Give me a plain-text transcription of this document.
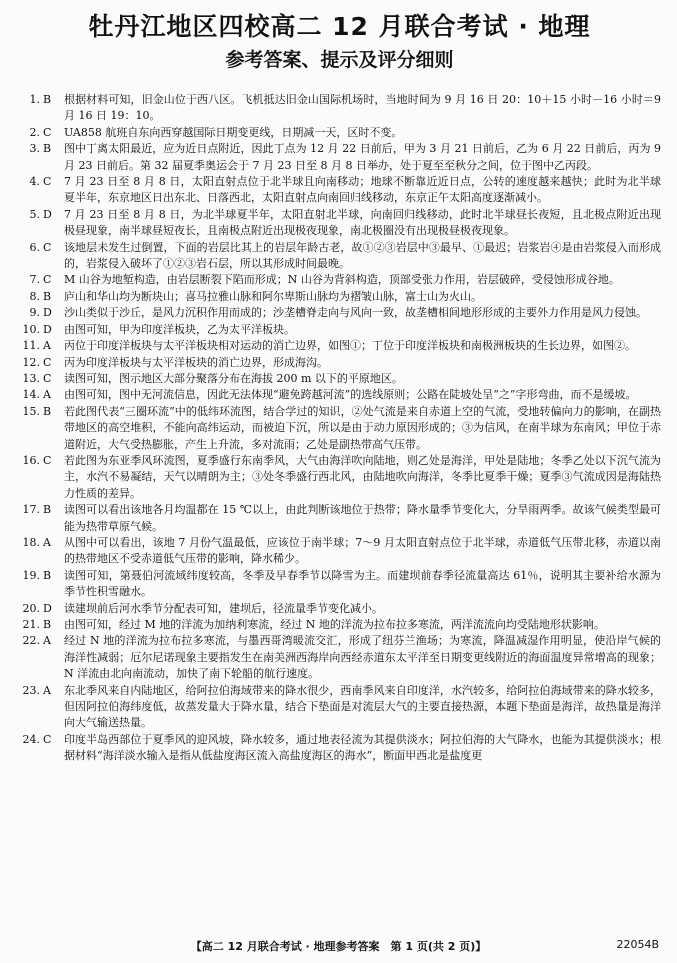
牡丹江地区四校高二 12 月联合考试 · 地理
参考答案、提示及评分细则
1. B 根据材料可知，旧金山位于西八区。飞机抵达旧金山国际机场时，当地时间为 9 月 16 日 20：10＋15 小时－16 小时＝9 月 16 日 19：10。
2. C UA858 航班自东向西穿越国际日期变更线，日期减一天，区时不变。
3. B 图中丁离太阳最近，应为近日点附近，因此丁点为 12 月 22 日前后，甲为 3 月 21 日前后，乙为 6 月 22 日前后，丙为 9 月 23 日前后。第 32 届夏季奥运会于 7 月 23 日至 8 月 8 日举办，处于夏至至秋分之间，位于图中乙丙段。
4. C 7 月 23 日至 8 月 8 日，太阳直射点位于北半球且向南移动；地球不断靠近近日点，公转的速度越来越快；此时为北半球夏半年，东京地区日出东北、日落西北，太阳直射点向南回归线移动，东京正午太阳高度逐渐减小。
5. D 7 月 23 日至 8 月 8 日，为北半球夏半年，太阳直射北半球，向南回归线移动，此时北半球昼长夜短，且北极点附近出现极昼现象，南半球昼短夜长，且南极点附近出现极夜现象，南北极圈没有出现极昼极夜现象。
6. C 该地层未发生过倒置，下面的岩层比其上的岩层年龄古老，故①②③岩层中③最早、①最迟；岩浆岩④是由岩浆侵入而形成的，岩浆侵入破坏了①②③岩石层，所以其形成时间最晚。
7. C M 山谷为地堑构造，由岩层断裂下陷而形成；N 山谷为背斜构造，顶部受张力作用，岩层破碎，受侵蚀形成谷地。
8. B 庐山和华山均为断块山；喜马拉雅山脉和阿尔卑斯山脉均为褶皱山脉，富士山为火山。
9. D 沙山类似于沙丘，是风力沉积作用而成的；沙垄槽脊走向与风向一致，故垄槽相间地形形成的主要外力作用是风力侵蚀。
10. D 由图可知，甲为印度洋板块，乙为太平洋板块。
11. A 丙位于印度洋板块与太平洋板块相对运动的消亡边界，如图①；丁位于印度洋板块和南极洲板块的生长边界，如图②。
12. C 丙为印度洋板块与太平洋板块的消亡边界，形成海沟。
13. C 读图可知，图示地区大部分聚落分布在海拔 200 m 以下的平原地区。
14. A 由图可知，图中无河流信息，因此无法体现“避免跨越河流”的选线原则；公路在陡坡处呈“之”字形弯曲，而不是缓坡。
15. B 若此图代表“三圈环流”中的低纬环流图，结合学过的知识，②处气流是来自赤道上空的气流，受地转偏向力的影响，在副热带地区的高空堆积，不能向高纬运动，而被迫下沉，所以是由于动力原因形成的；③为信风，在南半球为东南风；甲位于赤道附近，大气受热膨胀，产生上升流，多对流雨；乙处是副热带高气压带。
16. C 若此图为东亚季风环流图，夏季盛行东南季风，大气由海洋吹向陆地，则乙处是海洋，甲处是陆地；冬季乙处以下沉气流为主，水汽不易凝结，天气以晴朗为主；③处冬季盛行西北风，由陆地吹向海洋，冬季比夏季干燥；夏季③气流成因是海陆热力性质的差异。
17. B 读图可以看出该地各月均温都在 15 ℃以上，由此判断该地位于热带；降水量季节变化大，分旱雨两季。故该气候类型最可能为热带草原气候。
18. A 从图中可以看出，该地 7 月份气温最低，应该位于南半球；7～9 月太阳直射点位于北半球，赤道低气压带北移，赤道以南的热带地区不受赤道低气压带的影响，降水稀少。
19. B 读图可知，第聂伯河流域纬度较高，冬季及早春季节以降雪为主。而建坝前春季径流量高达 61％，说明其主要补给水源为季节性积雪融水。
20. D 读建坝前后河水季节分配表可知，建坝后，径流量季节变化减小。
21. B 由图可知，经过 M 地的洋流为加纳利寒流，经过 N 地的洋流为拉布拉多寒流，两洋流流向均受陆地形状影响。
22. A 经过 N 地的洋流为拉布拉多寒流，与墨西哥湾暖流交汇，形成了纽芬兰渔场；为寒流，降温减湿作用明显，使沿岸气候的海洋性减弱；厄尔尼诺现象主要指发生在南美洲西海岸向西经赤道东太平洋至日期变更线附近的海面温度异常增高的现象；N 洋流由北向南流动，加快了南下轮船的航行速度。
23. A 东北季风来自内陆地区，给阿拉伯海域带来的降水很少，西南季风来自印度洋，水汽较多，给阿拉伯海域带来的降水较多，但因阿拉伯海纬度低，故蒸发量大于降水量，结合下垫面是对流层大气的主要直接热源，本题下垫面是海洋，故热量是海洋向大气输送热量。
24. C 印度半岛西部位于夏季风的迎风坡，降水较多，通过地表径流为其提供淡水；阿拉伯海的大气降水，也能为其提供淡水；根据材料“海洋淡水输入是指从低盐度海区流入高盐度海区的海水”，断面甲西北是盐度更
【高二 12 月联合考试 · 地理参考答案　第 1 页(共 2 页)】	22054B
